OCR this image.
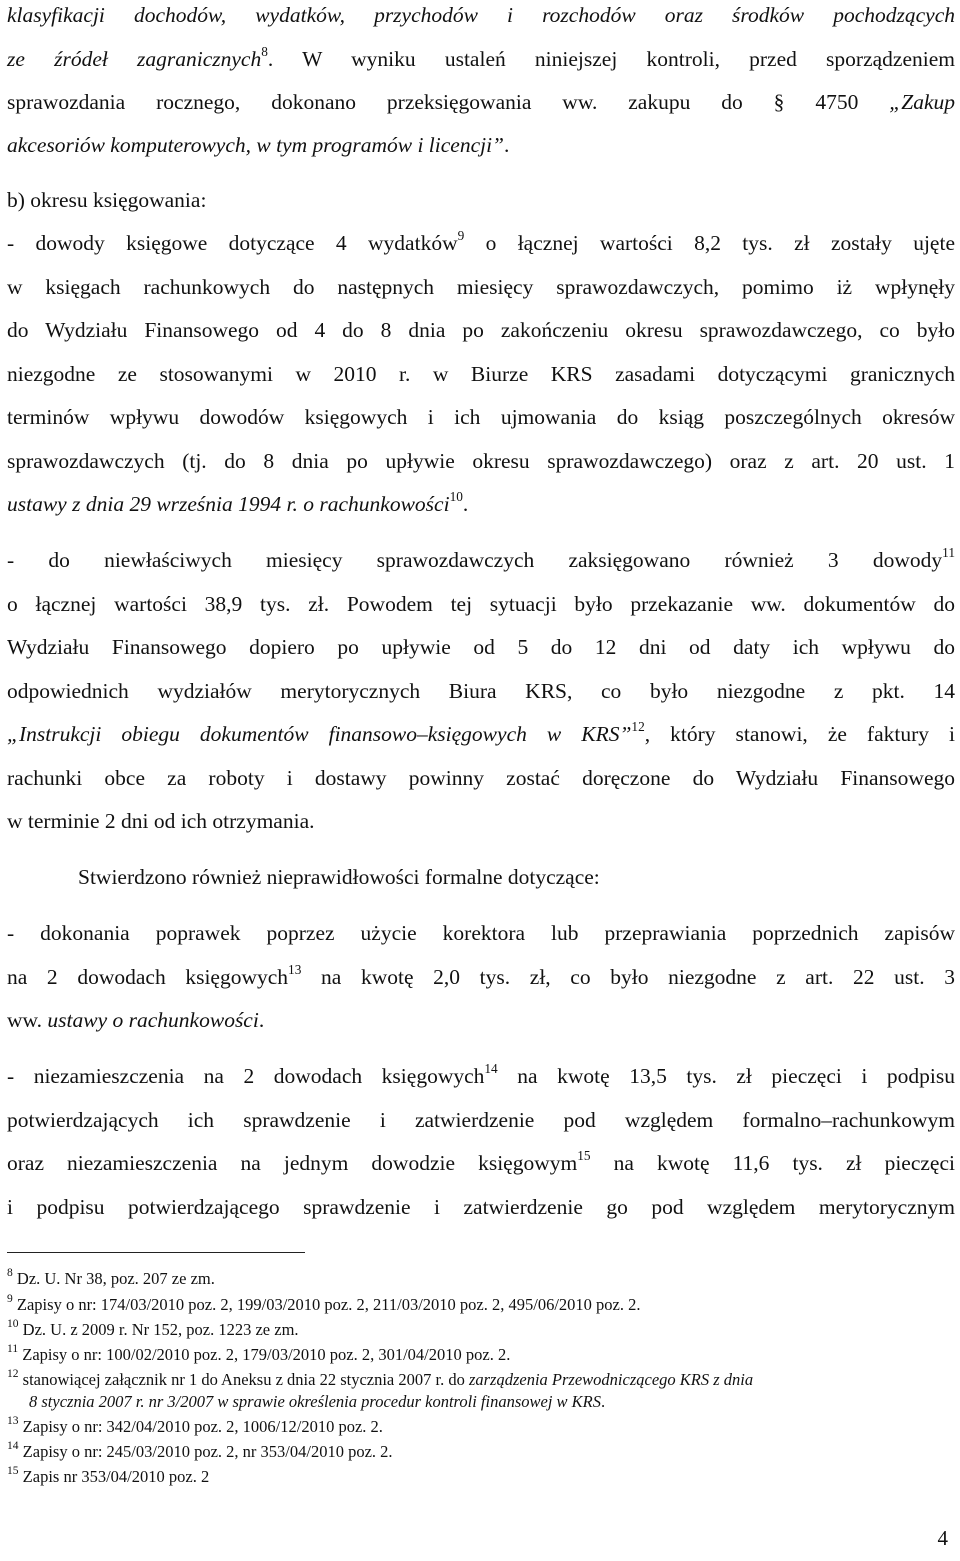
klasyfikacji dochodów, wydatków, przychodów i rozchodów oraz środków pochodzących
ze źródeł zagranicznych$^8$. W wyniku ustaleń niniejszej kontroli, przed sporządzeniem
sprawozdania rocznego, dokonano przeksięgowania ww. zakupu do § 4750 „Zakup
akcesoriów komputerowych, w tym programów i licencji”.
b) okresu księgowania:
- dowody księgowe dotyczące 4 wydatków$^9$ o łącznej wartości 8,2 tys. zł zostały ujęte
w księgach rachunkowych do następnych miesięcy sprawozdawczych, pomimo iż wpłynęły
do Wydziału Finansowego od 4 do 8 dnia po zakończeniu okresu sprawozdawczego, co było
niezgodne ze stosowanymi w 2010 r. w Biurze KRS zasadami dotyczącymi granicznych
terminów wpływu dowodów księgowych i ich ujmowania do ksiąg poszczególnych okresów
sprawozdawczych (tj. do 8 dnia po upływie okresu sprawozdawczego) oraz z art. 20 ust. 1
ustawy z dnia 29 września 1994 r. o rachunkowości$^{10}$.
- do niewłaściwych miesięcy sprawozdawczych zaksięgowano również 3 dowody$^{11}$
o łącznej wartości 38,9 tys. zł. Powodem tej sytuacji było przekazanie ww. dokumentów do
Wydziału Finansowego dopiero po upływie od 5 do 12 dni od daty ich wpływu do
odpowiednich wydziałów merytorycznych Biura KRS, co było niezgodne z pkt. 14
„Instrukcji obiegu dokumentów finansowo–księgowych w KRS”$^{12}$, który stanowi, że faktury i
rachunki obce za roboty i dostawy powinny zostać doręczone do Wydziału Finansowego
w terminie 2 dni od ich otrzymania.
Stwierdzono również nieprawidłowości formalne dotyczące:
- dokonania poprawek poprzez użycie korektora lub przeprawiania poprzednich zapisów
na 2 dowodach księgowych$^{13}$ na kwotę 2,0 tys. zł, co było niezgodne z art. 22 ust. 3
ww. ustawy o rachunkowości.
- niezamieszczenia na 2 dowodach księgowych$^{14}$ na kwotę 13,5 tys. zł pieczęci i podpisu
potwierdzających ich sprawdzenie i zatwierdzenie pod względem formalno–rachunkowym
oraz niezamieszczenia na jednym dowodzie księgowym$^{15}$ na kwotę 11,6 tys. zł pieczęci
i podpisu potwierdzającego sprawdzenie i zatwierdzenie go pod względem merytorycznym
$^8$ Dz. U. Nr 38, poz. 207 ze zm.
$^9$ Zapisy o nr: 174/03/2010 poz. 2, 199/03/2010 poz. 2, 211/03/2010 poz. 2, 495/06/2010 poz. 2.
$^{10}$ Dz. U. z 2009 r. Nr 152, poz. 1223 ze zm.
$^{11}$ Zapisy o nr: 100/02/2010 poz. 2, 179/03/2010 poz. 2, 301/04/2010 poz. 2.
$^{12}$ stanowiącej załącznik nr 1 do Aneksu z dnia 22 stycznia 2007 r. do zarządzenia Przewodniczącego KRS z dnia
8 stycznia 2007 r. nr 3/2007 w sprawie określenia procedur kontroli finansowej w KRS.
$^{13}$ Zapisy o nr: 342/04/2010 poz. 2, 1006/12/2010 poz. 2.
$^{14}$ Zapisy o nr: 245/03/2010 poz. 2, nr 353/04/2010 poz. 2.
$^{15}$ Zapis nr 353/04/2010 poz. 2
4
